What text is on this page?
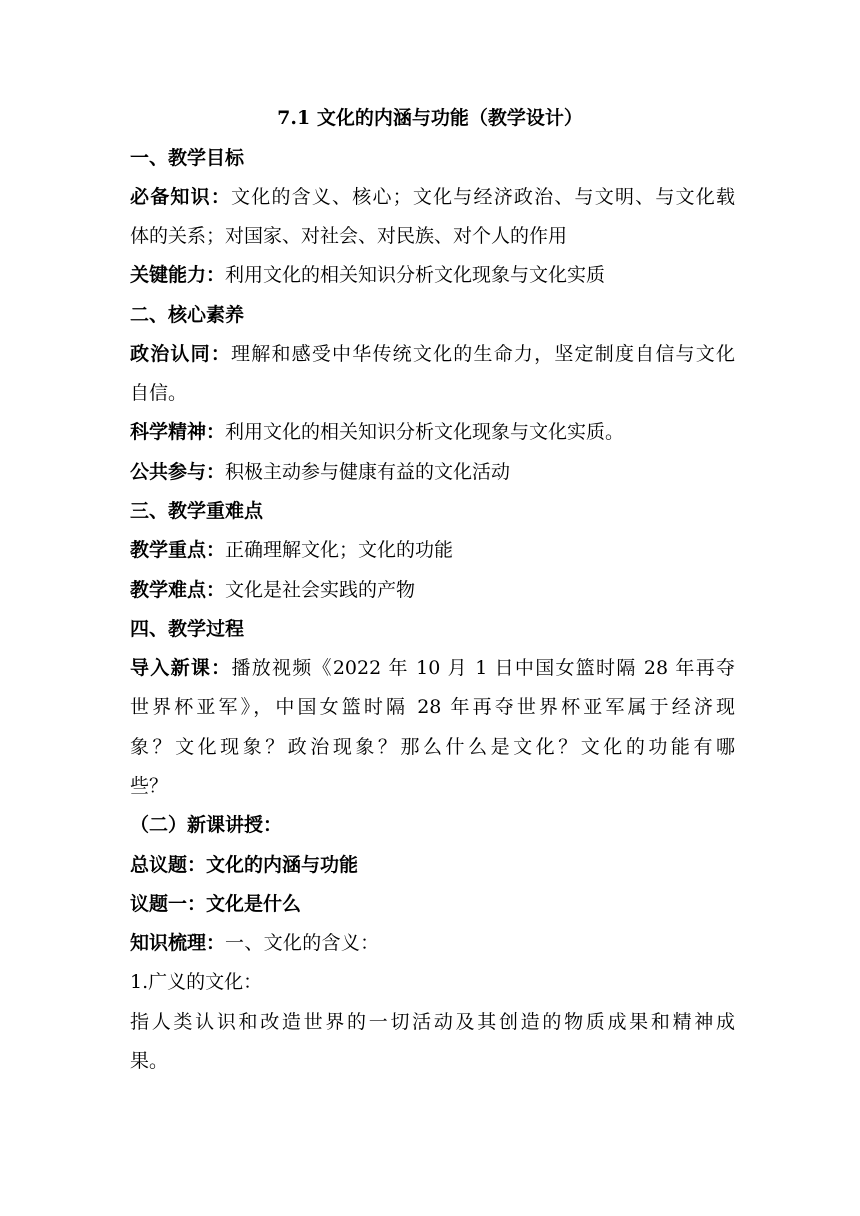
7.1 文化的内涵与功能（教学设计）
一、教学目标
必备知识：文化的含义、核心；文化与经济政治、与文明、与文化载
体的关系；对国家、对社会、对民族、对个人的作用
关键能力：利用文化的相关知识分析文化现象与文化实质
二、核心素养
政治认同：理解和感受中华传统文化的生命力，坚定制度自信与文化
自信。
科学精神：利用文化的相关知识分析文化现象与文化实质。
公共参与：积极主动参与健康有益的文化活动
三、教学重难点
教学重点：正确理解文化；文化的功能
教学难点：文化是社会实践的产物
四、教学过程
导入新课：播放视频《2022 年 10 月 1 日中国女篮时隔 28 年再夺
世界杯亚军》，中国女篮时隔 28 年再夺世界杯亚军属于经济现
象？文化现象？政治现象？那么什么是文化？文化的功能有哪
些？
（二）新课讲授：
总议题：文化的内涵与功能
议题一：文化是什么
知识梳理：一、文化的含义：
1.广义的文化：
指人类认识和改造世界的一切活动及其创造的物质成果和精神成
果。
